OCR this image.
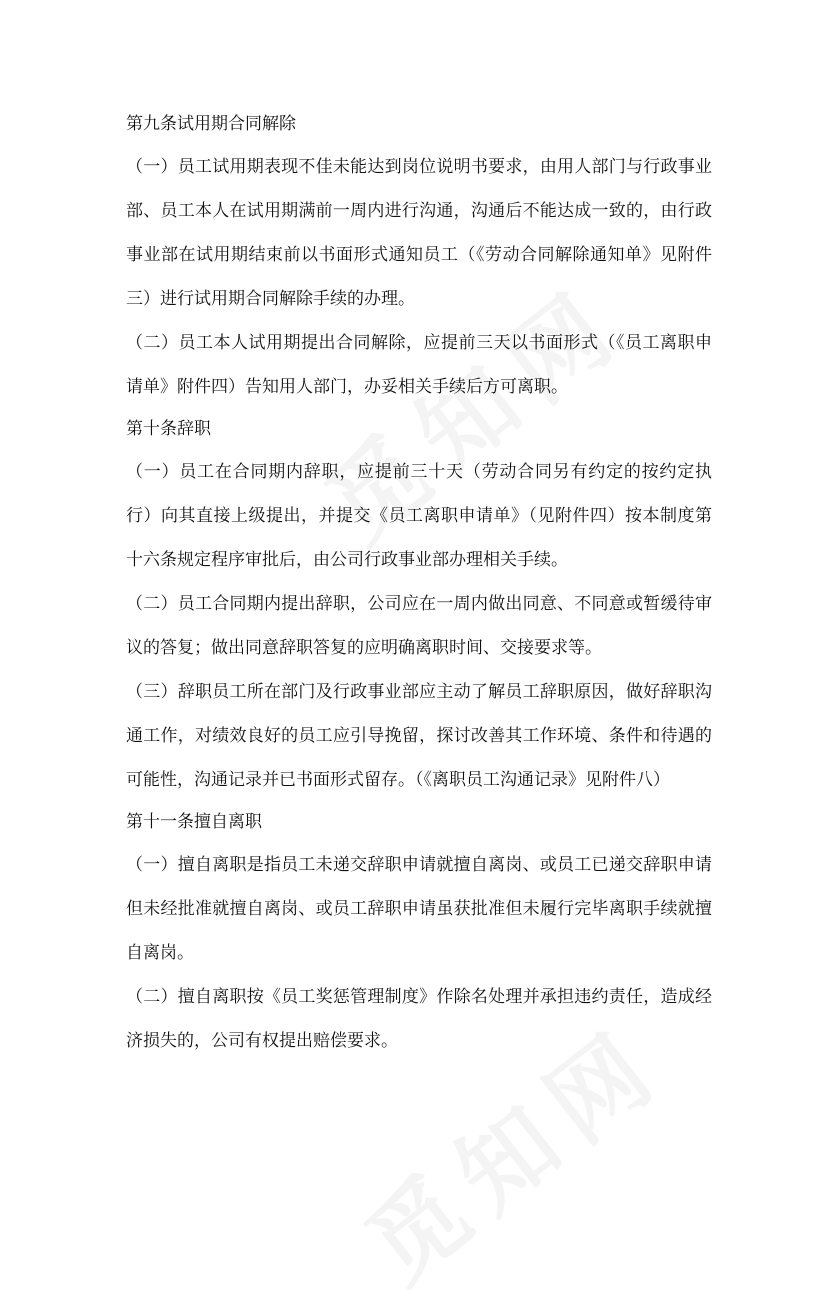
第九条试用期合同解除

（一）员工试用期表现不佳未能达到岗位说明书要求，由用人部门与行政事业部、员工本人在试用期满前一周内进行沟通，沟通后不能达成一致的，由行政事业部在试用期结束前以书面形式通知员工（《劳动合同解除通知单》见附件三）进行试用期合同解除手续的办理。

（二）员工本人试用期提出合同解除，应提前三天以书面形式（《员工离职申请单》附件四）告知用人部门，办妥相关手续后方可离职。

第十条辞职

（一）员工在合同期内辞职，应提前三十天（劳动合同另有约定的按约定执行）向其直接上级提出，并提交《员工离职申请单》（见附件四）按本制度第十六条规定程序审批后，由公司行政事业部办理相关手续。

（二）员工合同期内提出辞职，公司应在一周内做出同意、不同意或暂缓待审议的答复；做出同意辞职答复的应明确离职时间、交接要求等。

（三）辞职员工所在部门及行政事业部应主动了解员工辞职原因，做好辞职沟通工作，对绩效良好的员工应引导挽留，探讨改善其工作环境、条件和待遇的可能性，沟通记录并已书面形式留存。（《离职员工沟通记录》见附件八）

第十一条擅自离职

（一）擅自离职是指员工未递交辞职申请就擅自离岗、或员工已递交辞职申请但未经批准就擅自离岗、或员工辞职申请虽获批准但未履行完毕离职手续就擅自离岗。

（二）擅自离职按《员工奖惩管理制度》作除名处理并承担违约责任，造成经济损失的，公司有权提出赔偿要求。
